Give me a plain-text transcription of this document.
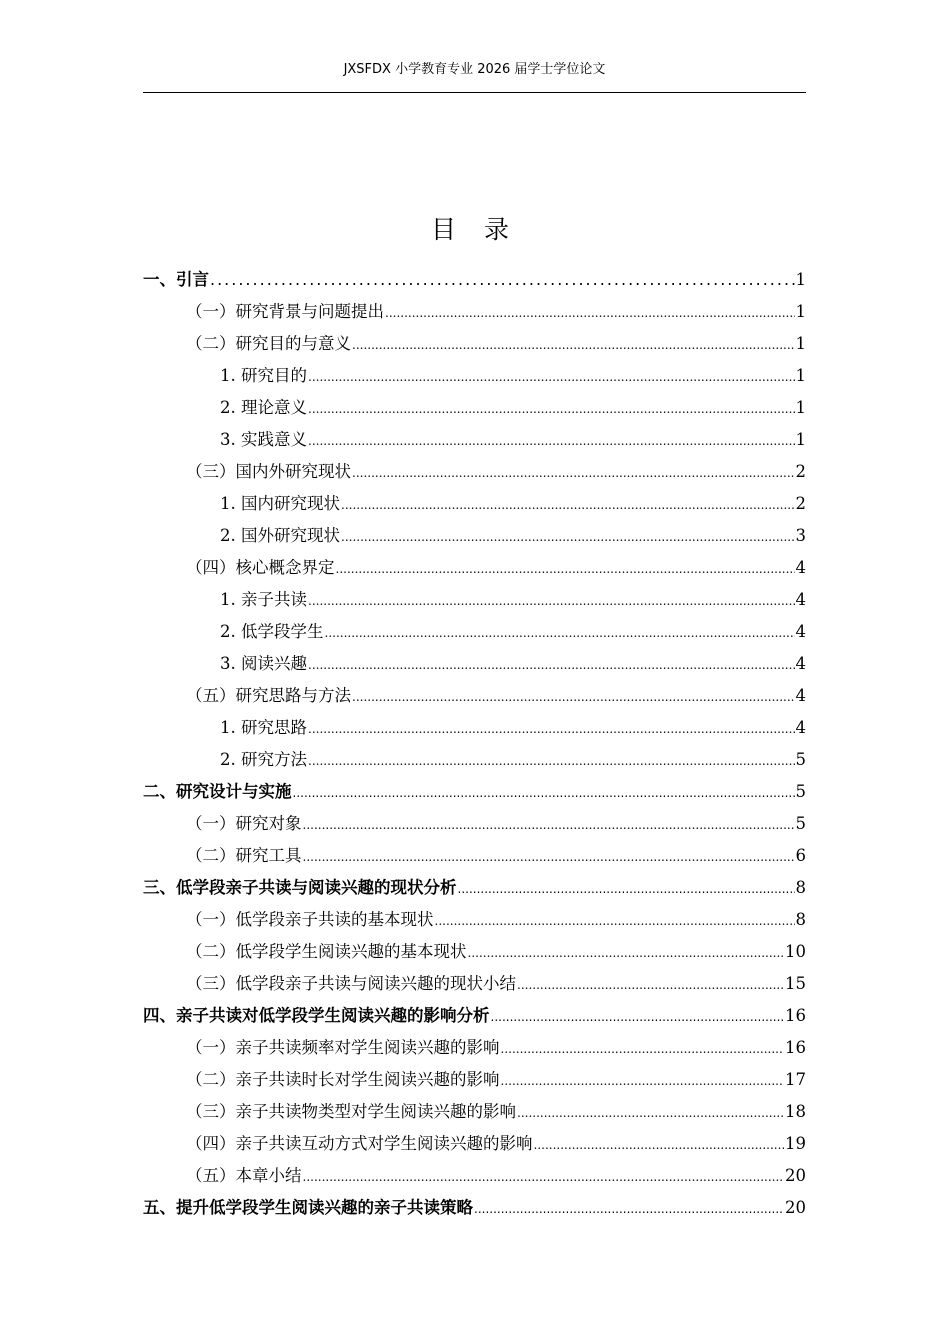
JXSFDX 小学教育专业 2026 届学士学位论文
目 录
一、引言 .....	1
（一）研究背景与问题提出 .....	1
（二）研究目的与意义 .....	1
1. 研究目的 .....	1
2. 理论意义 .....	1
3. 实践意义 .....	1
（三）国内外研究现状 .....	2
1. 国内研究现状 .....	2
2. 国外研究现状 .....	3
（四）核心概念界定 .....	4
1. 亲子共读 .....	4
2. 低学段学生 .....	4
3. 阅读兴趣 .....	4
（五）研究思路与方法 .....	4
1. 研究思路 .....	4
2. 研究方法 .....	5
二、研究设计与实施 .....	5
（一）研究对象 .....	5
（二）研究工具 .....	6
三、低学段亲子共读与阅读兴趣的现状分析 .....	8
（一）低学段亲子共读的基本现状 .....	8
（二）低学段学生阅读兴趣的基本现状 .....	10
（三）低学段亲子共读与阅读兴趣的现状小结 .....	15
四、亲子共读对低学段学生阅读兴趣的影响分析 .....	16
（一）亲子共读频率对学生阅读兴趣的影响 .....	16
（二）亲子共读时长对学生阅读兴趣的影响 .....	17
（三）亲子共读物类型对学生阅读兴趣的影响 .....	18
（四）亲子共读互动方式对学生阅读兴趣的影响 .....	19
（五）本章小结 .....	20
五、提升低学段学生阅读兴趣的亲子共读策略 .....	20
